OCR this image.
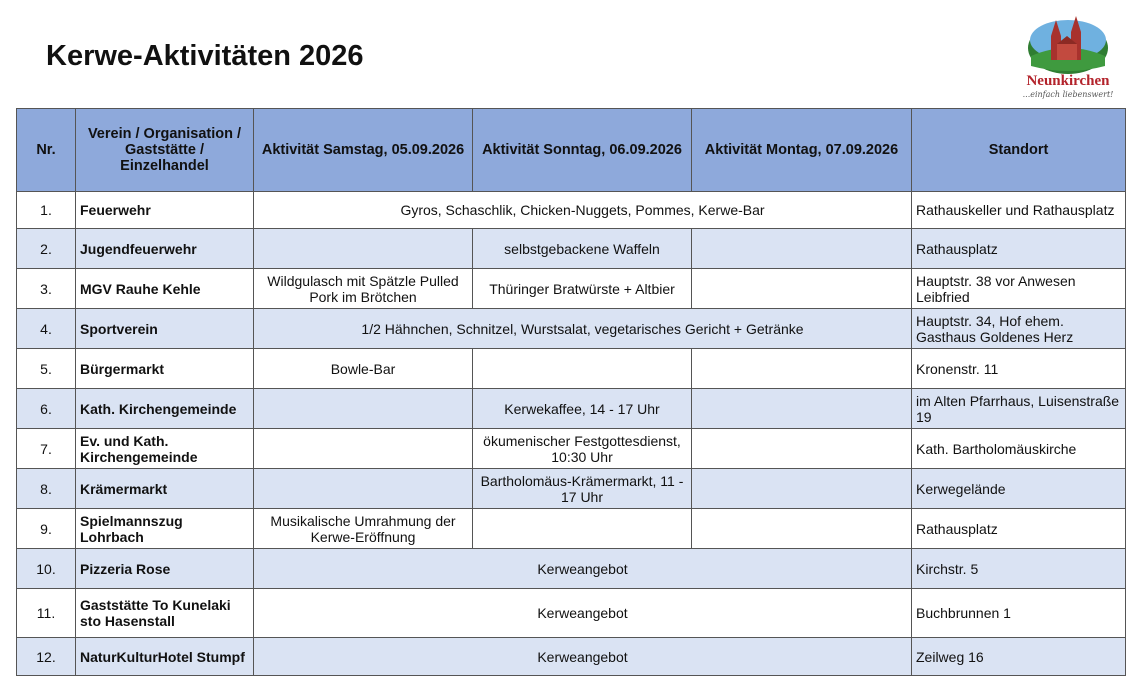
Kerwe-Aktivitäten 2026
Neunkirchen
...einfach liebenswert!
Nr.	Verein / Organisation / Gaststätte / Einzelhandel	Aktivität Samstag, 05.09.2026	Aktivität Sonntag, 06.09.2026	Aktivität Montag, 07.09.2026	Standort
1.	Feuerwehr	Gyros, Schaschlik, Chicken-Nuggets, Pommes, Kerwe-Bar			Rathauskeller und Rathausplatz
2.	Jugendfeuerwehr		selbstgebackene Waffeln		Rathausplatz
3.	MGV Rauhe Kehle	Wildgulasch mit Spätzle Pulled Pork im Brötchen	Thüringer Bratwürste + Altbier		Hauptstr. 38 vor Anwesen Leibfried
4.	Sportverein	1/2 Hähnchen, Schnitzel, Wurstsalat, vegetarisches Gericht + Getränke			Hauptstr. 34, Hof ehem. Gasthaus Goldenes Herz
5.	Bürgermarkt	Bowle-Bar			Kronenstr. 11
6.	Kath. Kirchengemeinde		Kerwekaffee, 14 - 17 Uhr		im Alten Pfarrhaus, Luisenstraße 19
7.	Ev. und Kath. Kirchengemeinde		ökumenischer Festgottesdienst, 10:30 Uhr		Kath. Bartholomäuskirche
8.	Krämermarkt		Bartholomäus-Krämermarkt, 11 - 17 Uhr		Kerwegelände
9.	Spielmannszug Lohrbach	Musikalische Umrahmung der Kerwe-Eröffnung			Rathausplatz
10.	Pizzeria Rose	Kerweangebot			Kirchstr. 5
11.	Gaststätte To Kunelaki sto Hasenstall	Kerweangebot			Buchbrunnen 1
12.	NaturKulturHotel Stumpf	Kerweangebot			Zeilweg 16
